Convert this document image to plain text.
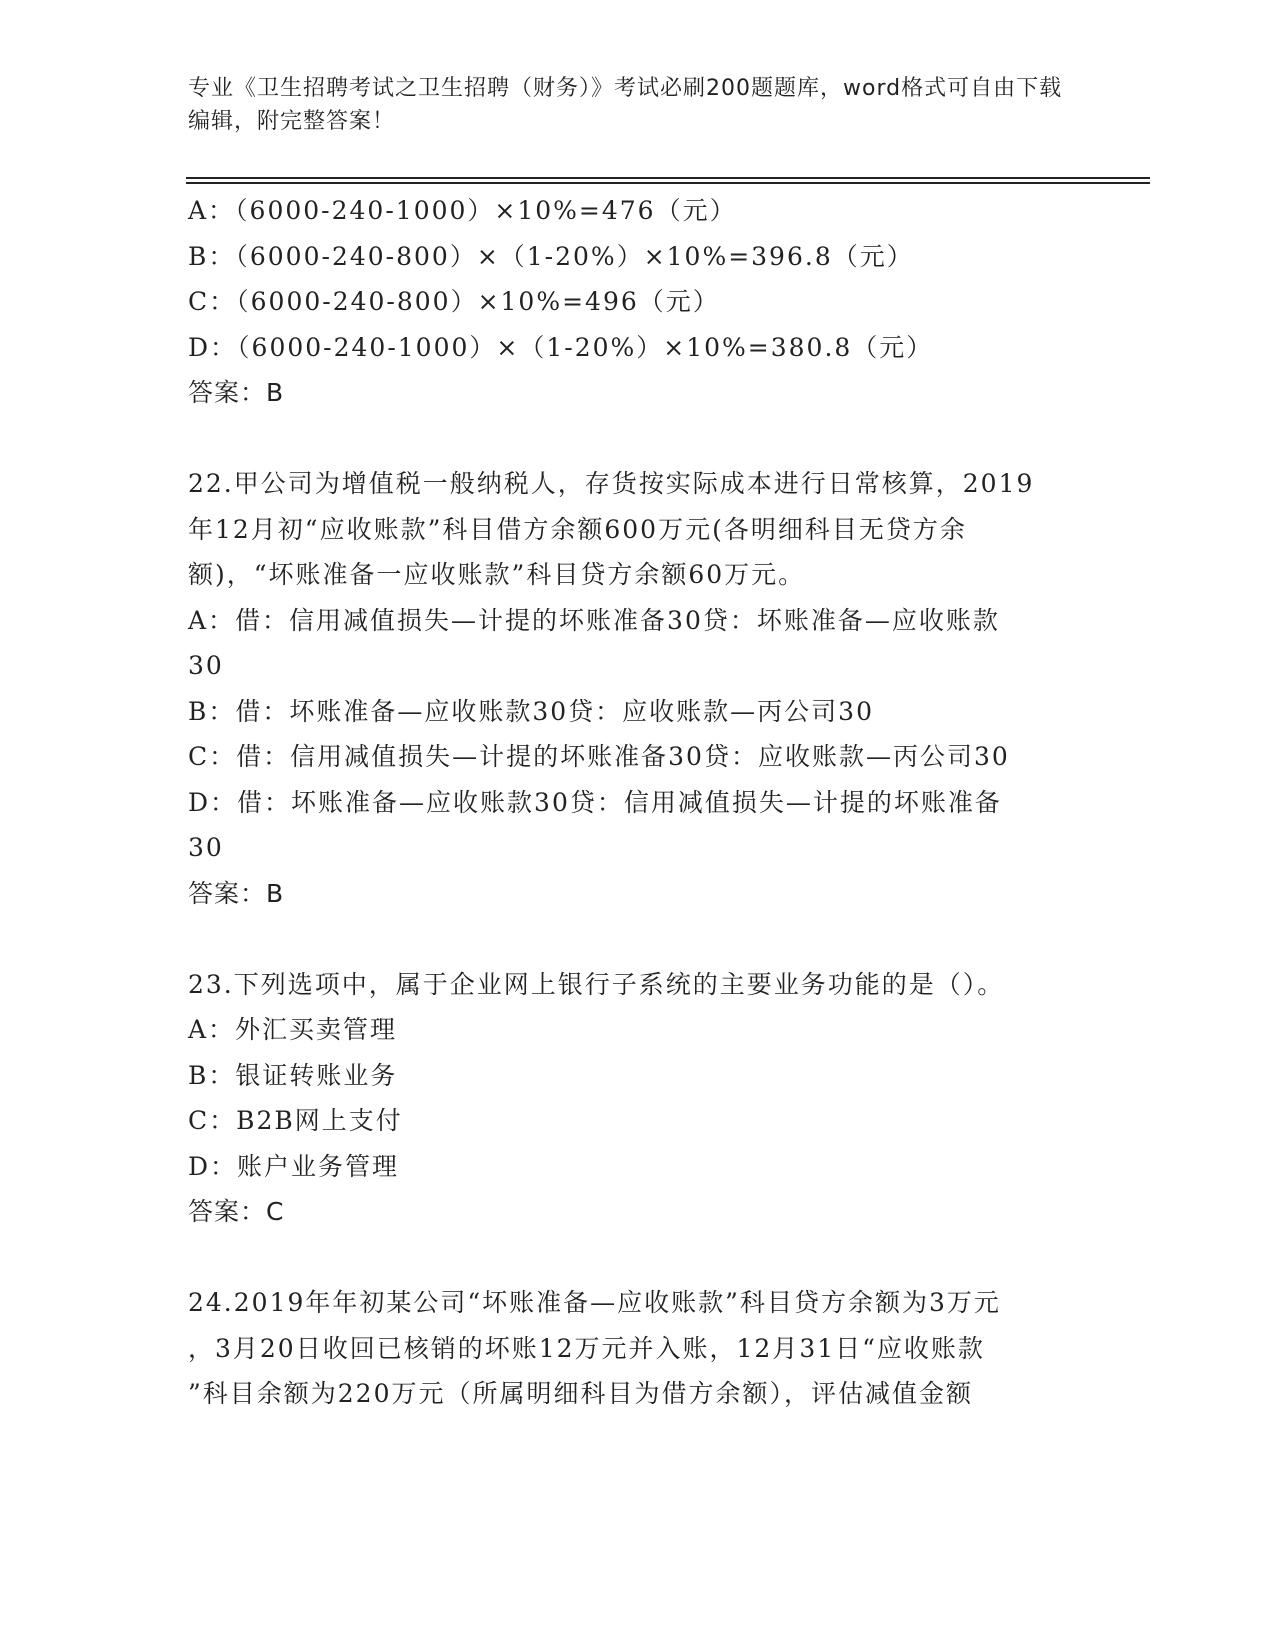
专业《卫生招聘考试之卫生招聘（财务）》考试必刷200题题库，word格式可自由下载编辑，附完整答案！
A：（6000-240-1000）×10%=476（元）
B：（6000-240-800）×（1-20%）×10%=396.8（元）
C：（6000-240-800）×10%=496（元）
D：（6000-240-1000）×（1-20%）×10%=380.8（元）
答案：B
22.甲公司为增值税一般纳税人，存货按实际成本进行日常核算，2019
年12月初“应收账款”科目借方余额600万元(各明细科目无贷方余
额)，“坏账准备一应收账款”科目贷方余额60万元。
A：借：信用减值损失—计提的坏账准备30贷：坏账准备—应收账款
30
B：借：坏账准备—应收账款30贷：应收账款—丙公司30
C：借：信用减值损失—计提的坏账准备30贷：应收账款—丙公司30
D：借：坏账准备—应收账款30贷：信用减值损失—计提的坏账准备
30
答案：B
23.下列选项中，属于企业网上银行子系统的主要业务功能的是（）。
A：外汇买卖管理
B：银证转账业务
C：B2B网上支付
D：账户业务管理
答案：C
24.2019年年初某公司“坏账准备—应收账款”科目贷方余额为3万元
，3月20日收回已核销的坏账12万元并入账，12月31日“应收账款
”科目余额为220万元（所属明细科目为借方余额），评估减值金额
